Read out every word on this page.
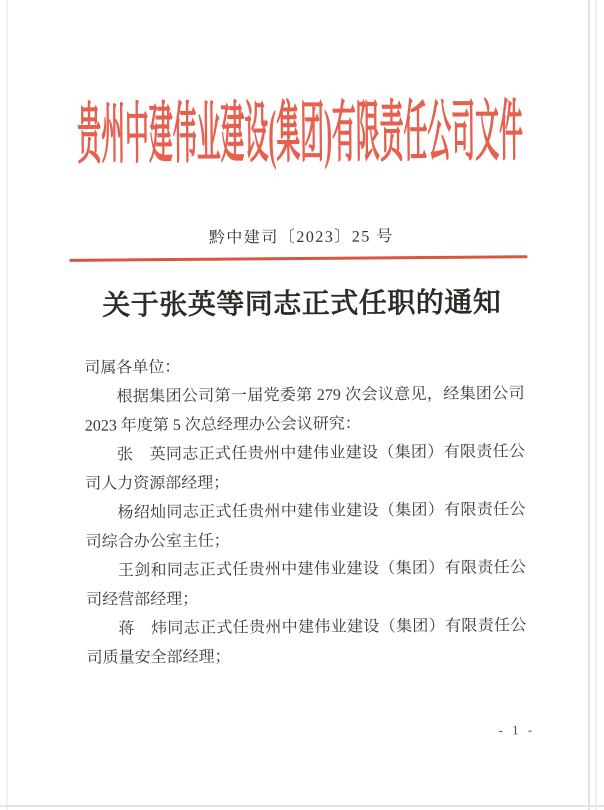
贵州中建伟业建设(集团)有限责任公司文件
黔中建司〔2023〕25 号
关于张英等同志正式任职的通知

司属各单位：

根据集团公司第一届党委第 279 次会议意见，经集团公司 2023 年度第 5 次总经理办公会议研究：

张　英同志正式任贵州中建伟业建设（集团）有限责任公司人力资源部经理；

杨绍灿同志正式任贵州中建伟业建设（集团）有限责任公司综合办公室主任；

王剑和同志正式任贵州中建伟业建设（集团）有限责任公司经营部经理；

蒋　炜同志正式任贵州中建伟业建设（集团）有限责任公司质量安全部经理；

- 1 -
